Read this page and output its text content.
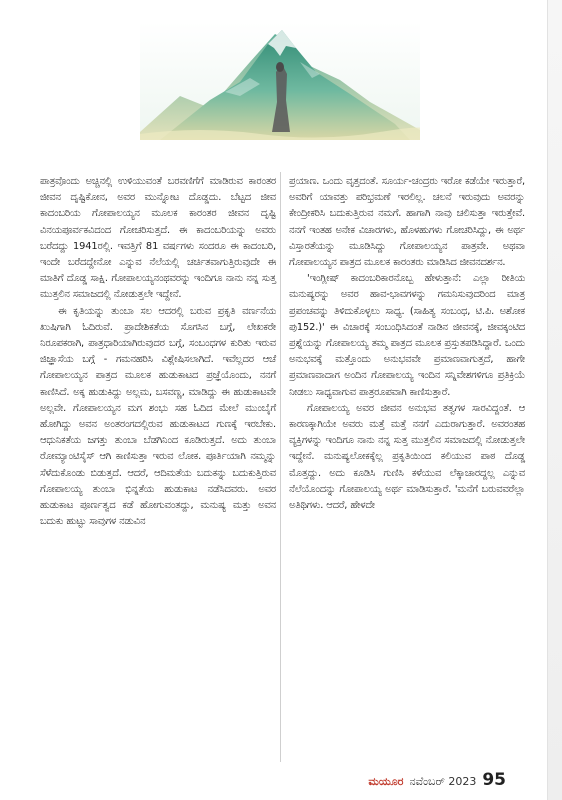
ಪಾತ್ರವೊಂದು ಅಚ್ಚಿನಲ್ಲಿ ಉಳಿಯುವಂತೆ ಬರವಣಿಗೆಗೆ ಮಾಡಿರುವ ಕಾರಂತರ ಜೀವನ ದೃಷ್ಟಿಕೋನ, ಅವರ ಮುನ್ನೋಟ ದೊಡ್ಡದು. ಬೆಟ್ಟದ ಜೀವ ಕಾದಂಬರಿಯ ಗೋಪಾಲಯ್ಯನ ಮೂಲಕ ಕಾರಂತರ ಜೀವನ ದೃಷ್ಟಿ ವಿನಯಪೂರ್ವಕವಿದಂದ ಗೋಚರಿಸುತ್ತದೆ. ಈ ಕಾದಂಬರಿಯನ್ನು ಅವರು ಬರೆದದ್ದು 1941ರಲ್ಲಿ. ಇವತ್ತಿಗೆ 81 ವರ್ಷಗಳು ಸಂದರೂ ಈ ಕಾದಂಬರಿ, ಇಂದೇ ಬರೆದದ್ದೇನೋ ಎನ್ನುವ ನೆಲೆಯಲ್ಲಿ ಚರ್ಚಿತವಾಗುತ್ತಿರುವುದೇ ಈ ಮಾತಿಗೆ ದೊಡ್ಡ ಸಾಕ್ಷಿ. ಗೋಪಾಲಯ್ಯನಂಥವರನ್ನು ಇಂದಿಗೂ ನಾನು ನನ್ನ ಸುತ್ತ ಮುತ್ತಲಿನ ಸಮಾಜದಲ್ಲಿ ನೋಡುತ್ತಲೇ ಇದ್ದೇನೆ.

ಈ ಕೃತಿಯನ್ನು ತುಂಬಾ ಸಲ ಆದರಲ್ಲಿ ಬರುವ ಪ್ರಕೃತಿ ವರ್ಣನೆಯ ಖುಷಿಗಾಗಿ ಓದಿರುವೆ. ಪ್ರಾದೇಶಿಕತೆಯ ಸೊಗಸಿನ ಬಗ್ಗೆ, ಲೇಖಕರೇ ನಿರೂಪಕರಾಗಿ, ಪಾತ್ರಧಾರಿಯಾಗಿರುವುದರ ಬಗ್ಗೆ, ಸಂಬಂಧಗಳ ಕುರಿತು ಇರುವ ಜಿಜ್ಞಾಸೆಯ ಬಗ್ಗೆ - ಗಮನಹರಿಸಿ ವಿಶ್ಲೇಷಿಸಲಾಗಿದೆ. ಇವೆಲ್ಲದರ ಆಚೆ ಗೋಪಾಲಯ್ಯನ ಪಾತ್ರದ ಮೂಲಕ ಹುಡುಕಾಟದ ಪ್ರಜ್ಞೆಯೊಂದು, ನನಗೆ ಕಾಣಿಸಿದೆ. ಅಕ್ಕ ಹುಡುಕಿದ್ದು ಅಲ್ಲಮ, ಬಸವಣ್ಣ, ಮಾಡಿದ್ದು ಈ ಹುಡುಕಾಟವೇ ಅಲ್ಲವೇ. ಗೋಪಾಲಯ್ಯನ ಮಗ ಶಂಭು ಸಹ ಓದಿದ ಮೇಲೆ ಮುಂಬೈಗೆ ಹೋಗಿದ್ದು ಅವನ ಅಂತರಂಗದಲ್ಲಿರುವ ಹುಡುಕಾಟದ ಗುಣಕ್ಕೆ ಇರಬೇಕು. ಆಧುನಿಕತೆಯ ಜಗತ್ತು ತುಂಬಾ ಬೆಡಗಿನಿಂದ ಕೂಡಿರುತ್ತದೆ. ಅದು ತುಂಬಾ ರೋಮ್ಯಾಂಟಿಸೈಸ್ ಆಗಿ ಕಾಣಿಸುತ್ತಾ ಇರುವ ಲೋಕ. ಪೂರ್ತಿಯಾಗಿ ನಮ್ಮನ್ನು ಸೆಳೆದುಕೊಂಡು ಬಿಡುತ್ತದೆ. ಆದರೆ, ಆದಿಮತೆಯ ಬದುಕನ್ನು ಬದುಕುತ್ತಿರುವ ಗೋಪಾಲಯ್ಯ ತುಂಬಾ ಭಿನ್ನತೆಯ ಹುಡುಕಾಟ ನಡೆಸಿದವರು. ಅವರ ಹುಡುಕಾಟ ಪೂರ್ಣತ್ವದ ಕಡೆ ಹೋಗುವಂತದ್ದು, ಮನುಷ್ಯ ಮತ್ತು ಅವನ ಬದುಕು ಹುಟ್ಟು ಸಾವುಗಳ ನಡುವಿನ

ಪ್ರಯಾಣ. ಒಂದು ವೃತ್ತದಂತೆ. ಸೂರ್ಯ-ಚಂದ್ರರು ಇರೋ ಕಡೆಯೇ ಇರುತ್ತಾರೆ, ಅವರಿಗೆ ಯಾವತ್ತು ಪರಿಭ್ರಮಣೆ ಇರಲಿಲ್ಲ. ಚಲನೆ ಇರುವುದು ಅವರನ್ನು ಕೇಂದ್ರೀಕರಿಸಿ ಬದುಕುತ್ತಿರುವ ನಮಗೆ. ಹಾಗಾಗಿ ನಾವು ಚಲಿಸುತ್ತಾ ಇರುತ್ತೇವೆ. ನನಗೆ ಇಂತಹ ಅನೇಕ ವಿಚಾರಗಳು, ಹೊಳಹುಗಳು ಗೋಚರಿಸಿದ್ದು, ಈ ಅರ್ಥ ವಿಸ್ತಾರತೆಯನ್ನು ಮೂಡಿಸಿದ್ದು ಗೋಪಾಲಯ್ಯನ ಪಾತ್ರವೇ. ಅಥವಾ ಗೋಪಾಲಯ್ಯನ ಪಾತ್ರದ ಮೂಲಕ ಕಾರಂತರು ಮಾಡಿಸಿದ ಜೀವನದರ್ಶನ.

'ಇಂಗ್ಲೀಷ್ ಕಾದಂಬರಿಕಾರನೊಬ್ಬ ಹೇಳುತ್ತಾನೆ: ಎಲ್ಲಾ ರೀತಿಯ ಮನುಷ್ಯರನ್ನು ಅವರ ಹಾವ-ಭಾವಗಳನ್ನು ಗಮನಿಸುವುದರಿಂದ ಮಾತ್ರ ಪ್ರಪಂಚವನ್ನು ತಿಳಿದುಕೊಳ್ಳಲು ಸಾಧ್ಯ. (ಸಾಹಿತ್ಯ ಸಂಬಂಧ, ಟಿ.ಪಿ. ಅಶೋಕ ಪು152.)' ಈ ವಿಚಾರಕ್ಕೆ ಸಂಬಂಧಿಸಿದಂತೆ ನಾಡಿನ ಜೀವನಕ್ಕೆ, ಜೀವಕ್ಕಂಟಿದ ಪ್ರಶ್ನೆಯನ್ನು ಗೋಪಾಲಯ್ಯ ತಮ್ಮ ಪಾತ್ರದ ಮೂಲಕ ಪ್ರಸ್ತುತಪಡಿಸಿದ್ದಾರೆ. ಒಂದು ಅನುಭವಕ್ಕೆ ಮತ್ತೊಂದು ಅನುಭವವೇ ಪ್ರಮಾಣವಾಗುತ್ತದೆ, ಹಾಗೇ ಪ್ರಮಾಣವಾದಾಗ ಅಂದಿನ ಗೋಪಾಲಯ್ಯ ಇಂದಿನ ಸನ್ನಿವೇಶಗಳಿಗೂ ಪ್ರತಿಕ್ರಿಯೆ ನೀಡಲು ಸಾಧ್ಯವಾಗುವ ಪಾತ್ರರೂಪವಾಗಿ ಕಾಣಿಸುತ್ತಾರೆ.

ಗೋಪಾಲಯ್ಯ ಅವರ ಜೀವನ ಅನುಭವ ತತ್ವಗಳ ಸಾರವಿದ್ದಂತೆ. ಆ ಕಾರಣಕ್ಕಾಗಿಯೇ ಅವರು ಮತ್ತೆ ಮತ್ತೆ ನನಗೆ ಎದುರಾಗುತ್ತಾರೆ. ಅವರಂತಹ ವ್ಯಕ್ತಿಗಳನ್ನು ಇಂದಿಗೂ ನಾನು ನನ್ನ ಸುತ್ತ ಮುತ್ತಲಿನ ಸಮಾಜದಲ್ಲಿ ನೋಡುತ್ತಲೇ ಇದ್ದೇನೆ. ಮನುಷ್ಯಲೋಕಕ್ಕೆಲ್ಲ ಪ್ರಕೃತಿಯಿಂದ ಕಲಿಯುವ ಪಾಠ ದೊಡ್ಡ ಮೊತ್ತದ್ದು. ಅದು ಕೂಡಿಸಿ ಗುಣಿಸಿ ಕಳೆಯುವ ಲೆಕ್ಕಾಚಾರದ್ದಲ್ಲ ಎನ್ನುವ ನೆಲೆಯೊಂದನ್ನು ಗೋಪಾಲಯ್ಯ ಅರ್ಥ ಮಾಡಿಸುತ್ತಾರೆ. 'ಮನೆಗೆ ಬರುವವರೆಲ್ಲಾ ಅತಿಥಿಗಳು. ಆದರೆ, ಹೇಳದೇ

ಮಯೂರ ನವೆಂಬರ್ 2023 95
